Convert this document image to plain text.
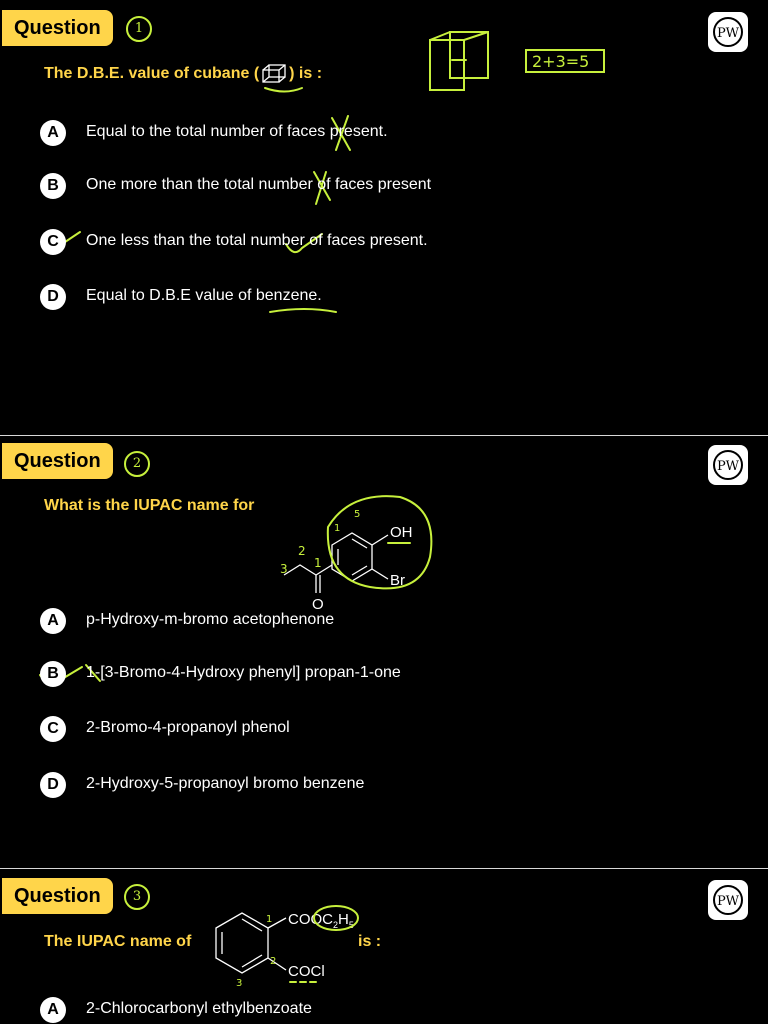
Question	1	PW
The D.B.E. value of cubane ( ) is :
2+3=5
A	Equal to the total number of faces present.
B	One more than the total number of faces present
C	One less than the total number of faces present.
D	Equal to D.B.E value of benzene.
Question	2	PW
What is the IUPAC name for
OH
Br
O
3
2
1
1
5
A	p-Hydroxy-m-bromo acetophenone
B	1-[3-Bromo-4-Hydroxy phenyl] propan-1-one
C	2-Bromo-4-propanoyl phenol
D	2-Hydroxy-5-propanoyl bromo benzene
Question	3	PW
The IUPAC name of
$COOC_2H_5$
COCl
1
2
3
is :
A	2-Chlorocarbonyl ethylbenzoate
